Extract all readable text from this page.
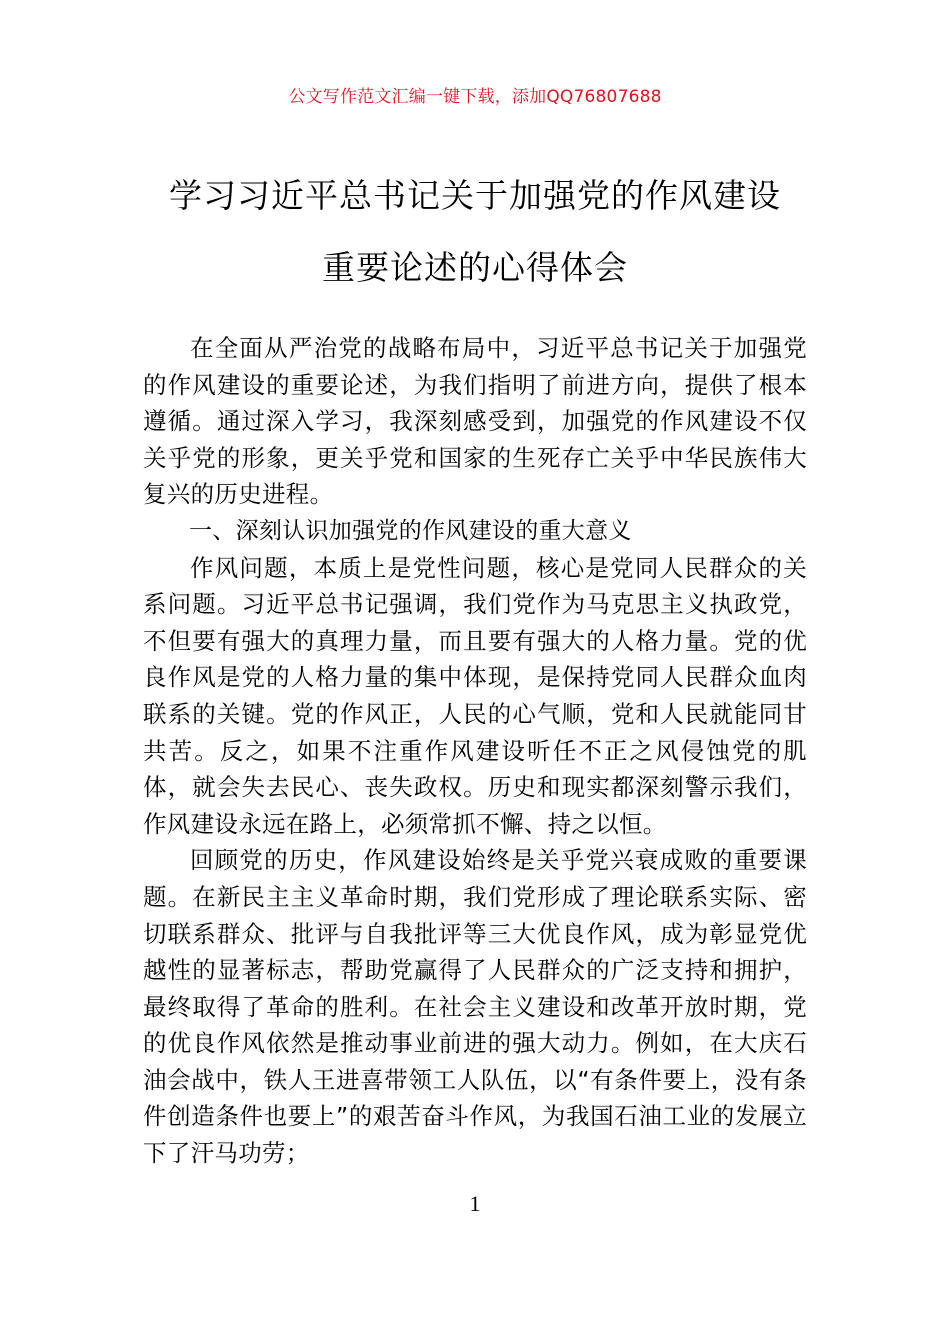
公文写作范文汇编一键下载，添加QQ76807688
学习习近平总书记关于加强党的作风建设
重要论述的心得体会

在全面从严治党的战略布局中，习近平总书记关于加强党的作风建设的重要论述，为我们指明了前进方向，提供了根本遵循。通过深入学习，我深刻感受到，加强党的作风建设不仅关乎党的形象，更关乎党和国家的生死存亡关乎中华民族伟大复兴的历史进程。

一、深刻认识加强党的作风建设的重大意义

作风问题，本质上是党性问题，核心是党同人民群众的关系问题。习近平总书记强调，我们党作为马克思主义执政党，不但要有强大的真理力量，而且要有强大的人格力量。党的优良作风是党的人格力量的集中体现，是保持党同人民群众血肉联系的关键。党的作风正，人民的心气顺，党和人民就能同甘共苦。反之，如果不注重作风建设听任不正之风侵蚀党的肌体，就会失去民心、丧失政权。历史和现实都深刻警示我们，作风建设永远在路上，必须常抓不懈、持之以恒。

回顾党的历史，作风建设始终是关乎党兴衰成败的重要课题。在新民主主义革命时期，我们党形成了理论联系实际、密切联系群众、批评与自我批评等三大优良作风，成为彰显党优越性的显著标志，帮助党赢得了人民群众的广泛支持和拥护，最终取得了革命的胜利。在社会主义建设和改革开放时期，党的优良作风依然是推动事业前进的强大动力。例如，在大庆石油会战中，铁人王进喜带领工人队伍，以“有条件要上，没有条件创造条件也要上”的艰苦奋斗作风，为我国石油工业的发展立下了汗马功劳；

1
